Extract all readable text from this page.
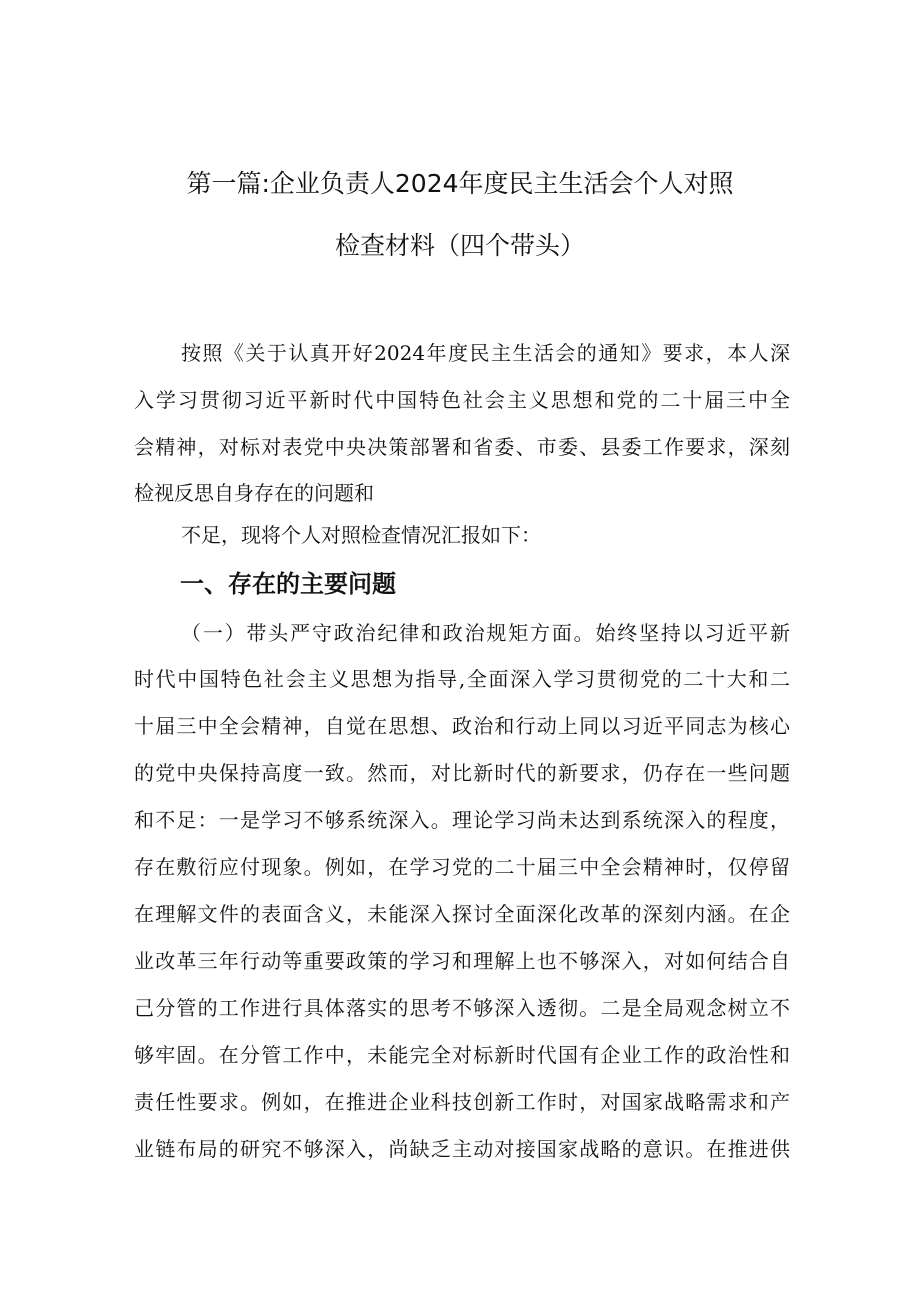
第一篇:企业负责人2024年度民主生活会个人对照
检查材料（四个带头）

按照《关于认真开好2024年度民主生活会的通知》要求，本人深

入学习贯彻习近平新时代中国特色社会主义思想和党的二十届三中全

会精神，对标对表党中央决策部署和省委、市委、县委工作要求，深刻

检视反思自身存在的问题和

不足，现将个人对照检查情况汇报如下：

一、存在的主要问题

（一）带头严守政治纪律和政治规矩方面。始终坚持以习近平新

时代中国特色社会主义思想为指导,全面深入学习贯彻党的二十大和二

十届三中全会精神，自觉在思想、政治和行动上同以习近平同志为核心

的党中央保持高度一致。然而，对比新时代的新要求，仍存在一些问题

和不足：一是学习不够系统深入。理论学习尚未达到系统深入的程度，

存在敷衍应付现象。例如，在学习党的二十届三中全会精神时，仅停留

在理解文件的表面含义，未能深入探讨全面深化改革的深刻内涵。在企

业改革三年行动等重要政策的学习和理解上也不够深入，对如何结合自

己分管的工作进行具体落实的思考不够深入透彻。二是全局观念树立不

够牢固。在分管工作中，未能完全对标新时代国有企业工作的政治性和

责任性要求。例如，在推进企业科技创新工作时，对国家战略需求和产

业链布局的研究不够深入，尚缺乏主动对接国家战略的意识。在推进供
